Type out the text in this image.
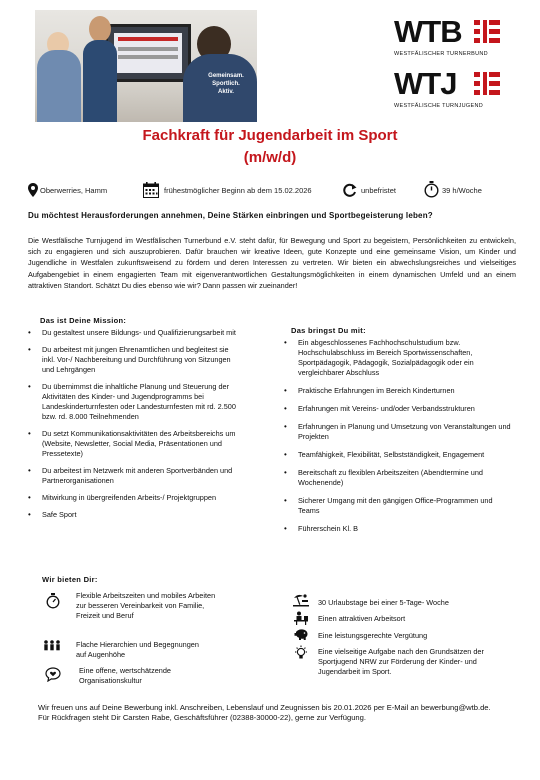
Gemeinsam.
Sportlich.
Aktiv.
WTB
WESTFÄLISCHER TURNERBUND
WTJ
WESTFÄLISCHE TURNJUGEND
Fachkraft für Jugendarbeit im Sport
(m/w/d)
Oberwerries, Hamm	frühestmöglicher Beginn ab dem 15.02.2026	unbefristet	39 h/Woche
Du möchtest Herausforderungen annehmen, Deine Stärken einbringen und Sportbegeisterung leben?
Die Westfälische Turnjugend im Westfälischen Turnerbund e.V. steht dafür, für Bewegung und Sport zu begeistern, Persönlichkeiten zu entwickeln, sich zu engagieren und sich auszuprobieren. Dafür brauchen wir kreative Ideen, gute Konzepte und eine gemeinsame Vision, um Kinder und Jugendliche in Westfalen zukunftsweisend zu fördern und deren Interessen zu vertreten. Wir bieten ein abwechslungsreiches und vielseitiges Aufgabengebiet in einem engagierten Team mit eigenverantwortlichen Gestaltungsmöglichkeiten in einem dynamischen Umfeld und an einem attraktiven Standort. Schätzt Du dies ebenso wie wir? Dann passen wir zueinander!
Das ist Deine Mission:
• Du gestaltest unsere Bildungs- und Qualifizierungsarbeit mit
• Du arbeitest mit jungen Ehrenamtlichen und begleitest sie inkl. Vor-/ Nachbereitung und Durchführung von Sitzungen und Lehrgängen
• Du übernimmst die inhaltliche Planung und Steuerung der Aktivitäten des Kinder- und Jugendprogramms bei Landeskinderturnfesten oder Landesturnfesten mit rd. 2.500 bzw. rd. 8.000 Teilnehmenden
• Du setzt Kommunikationsaktivitäten des Arbeitsbereichs um (Website, Newsletter, Social Media, Präsentationen und Pressetexte)
• Du arbeitest im Netzwerk mit anderen Sportverbänden und Partnerorganisationen
• Mitwirkung in übergreifenden Arbeits-/ Projektgruppen
• Safe Sport
Das bringst Du mit:
• Ein abgeschlossenes Fachhochschulstudium bzw. Hochschulabschluss im Bereich Sportwissenschaften, Sportpädagogik, Pädagogik, Sozialpädagogik oder ein vergleichbarer Abschluss
• Praktische Erfahrungen im Bereich Kinderturnen
• Erfahrungen mit Vereins- und/oder Verbandsstrukturen
• Erfahrungen in Planung und Umsetzung von Veranstaltungen und Projekten
• Teamfähigkeit, Flexibilität, Selbstständigkeit, Engagement
• Bereitschaft zu flexiblen Arbeitszeiten (Abendtermine und Wochenende)
• Sicherer Umgang mit den gängigen Office-Programmen und Teams
• Führerschein Kl. B
Wir bieten Dir:
Flexible Arbeitszeiten und mobiles Arbeiten zur besseren Vereinbarkeit von Familie, Freizeit und Beruf
Flache Hierarchien und Begegnungen auf Augenhöhe
Eine offene, wertschätzende Organisationskultur
30 Urlaubstage bei einer 5-Tage- Woche
Einen attraktiven Arbeitsort
Eine leistungsgerechte Vergütung
Eine vielseitige Aufgabe nach den Grundsätzen der Sportjugend NRW zur Förderung der Kinder- und Jugendarbeit im Sport.
Wir freuen uns auf Deine Bewerbung inkl. Anschreiben, Lebenslauf und Zeugnissen bis 20.01.2026 per E-Mail an bewerbung@wtb.de.
Für Rückfragen steht Dir Carsten Rabe, Geschäftsführer (02388-30000-22), gerne zur Verfügung.
